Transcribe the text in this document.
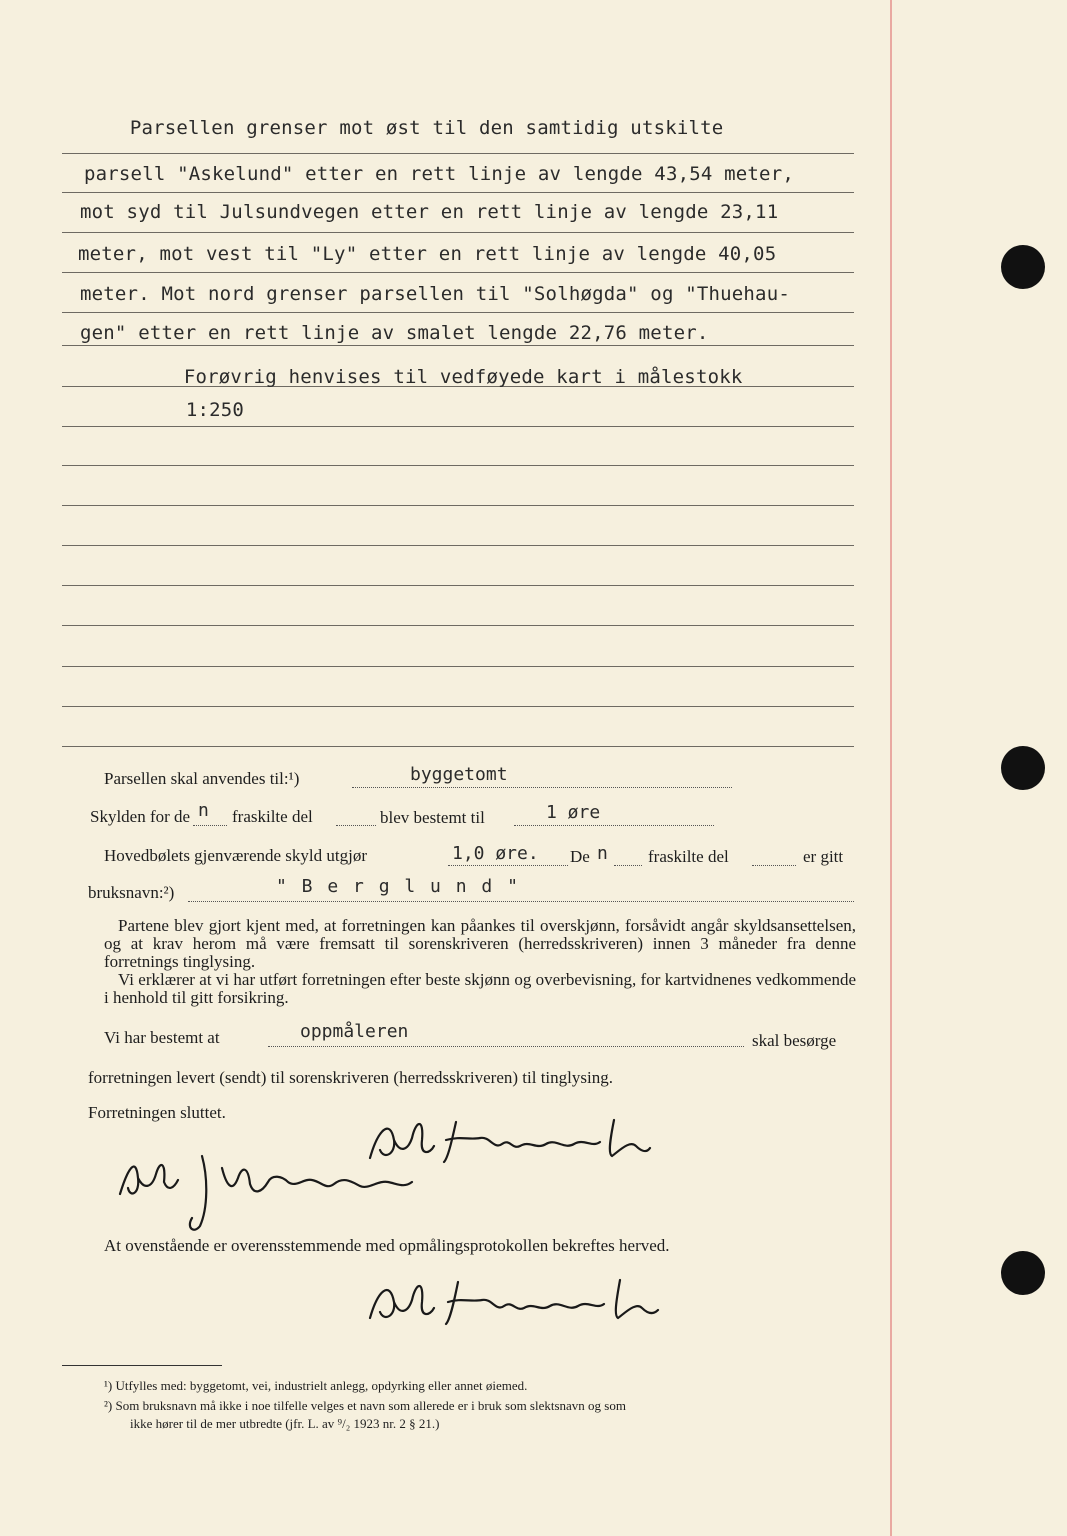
Parsellen grenser mot øst til den samtidig utskilte
parsell "Askelund" etter en rett linje av lengde 43,54 meter,
mot syd til Julsundvegen etter en rett linje av lengde 23,11
meter, mot vest til "Ly" etter en rett linje av lengde 40,05
meter. Mot nord grenser parsellen til "Solhøgda" og "Thuehau-
gen" etter en rett linje av smalet lengde 22,76 meter.
Forøvrig henvises til vedføyede kart i målestokk
1:250
Parsellen skal anvendes til:¹)	byggetomt
Skylden for de n fraskilte del	blev bestemt til	1 øre
Hovedbølets gjenværende skyld utgjør	1,0 øre. De n fraskilte del	er gitt
bruksnavn:²)	" B e r g l u n d "

Partene blev gjort kjent med, at forretningen kan påankes til overskjønn, forsåvidt angår skyldsansettelsen, og at krav herom må være fremsatt til sorenskriveren (herredsskriveren) innen 3 måneder fra denne forretnings tinglysing.

Vi erklærer at vi har utført forretningen efter beste skjønn og overbevisning, for kartvidnenes vedkommende i henhold til gitt forsikring.

Vi har bestemt at	oppmåleren	skal besørge
forretningen levert (sendt) til sorenskriveren (herredsskriveren) til tinglysing.
Forretningen sluttet.
At ovenstående er overensstemmende med opmålingsprotokollen bekreftes herved.
¹) Utfylles med: byggetomt, vei, industrielt anlegg, opdyrking eller annet øiemed.
²) Som bruksnavn må ikke i noe tilfelle velges et navn som allerede er i bruk som slektsnavn og som
ikke hører til de mer utbredte (jfr. L. av ⁹/₂ 1923 nr. 2 § 21.)
